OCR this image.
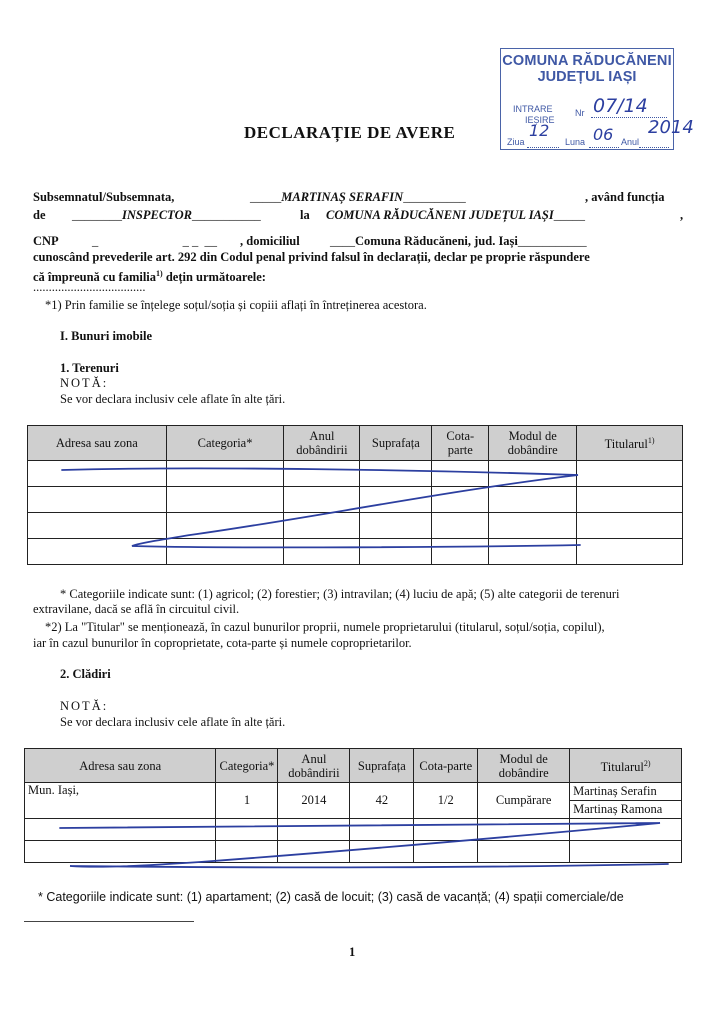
COMUNA RĂDUCĂNENI
JUDEȚUL IAȘI
INTRARE
IEȘIRE
Nr 07/14
12	06 2014
Ziua	Luna	Anul
DECLARAȚIE DE AVERE
Subsemnatul/Subsemnata,	_____MARTINAȘ SERAFIN__________	, având funcția
de ________INSPECTOR___________	la COMUNA RĂDUCĂNENI JUDEȚUL IAȘI_____	,
CNP	_                           _ _  __ , domiciliul ____Comuna Răducăneni, jud. Iași___________
cunoscând prevederile art. 292 din Codul penal privind falsul în declarații, declar pe proprie răspundere
că împreună cu familia$^{1)}$ dețin următoarele:
....................................
*1) Prin familie se înțelege soțul/soția și copiii aflați în întreținerea acestora.
I. Bunuri imobile
1. Terenuri
NOTĂ:
Se vor declara inclusiv cele aflate în alte țări.
Adresa sau zona	Categoria*	Anul dobândirii	Suprafața	Cota-parte	Modul de dobândire	Titularul$^{1)}$

* Categoriile indicate sunt: (1) agricol; (2) forestier; (3) intravilan; (4) luciu de apă; (5) alte categorii de terenuri
extravilane, dacă se află în circuitul civil.
*2) La "Titular" se menționează, în cazul bunurilor proprii, numele proprietarului (titularul, soțul/soția, copilul),
iar în cazul bunurilor în coproprietate, cota-parte și numele coproprietarilor.
2. Clădiri
NOTĂ:
Se vor declara inclusiv cele aflate în alte țări.
Adresa sau zona	Categoria*	Anul dobândirii	Suprafața	Cota-parte	Modul de dobândire	Titularul$^{2)}$
Mun. Iași,	1	2014	42	1/2	Cumpărare	Martinaș Serafin
Martinaș Ramona

* Categoriile indicate sunt: (1) apartament; (2) casă de locuit; (3) casă de vacanță; (4) spații comerciale/de
1
